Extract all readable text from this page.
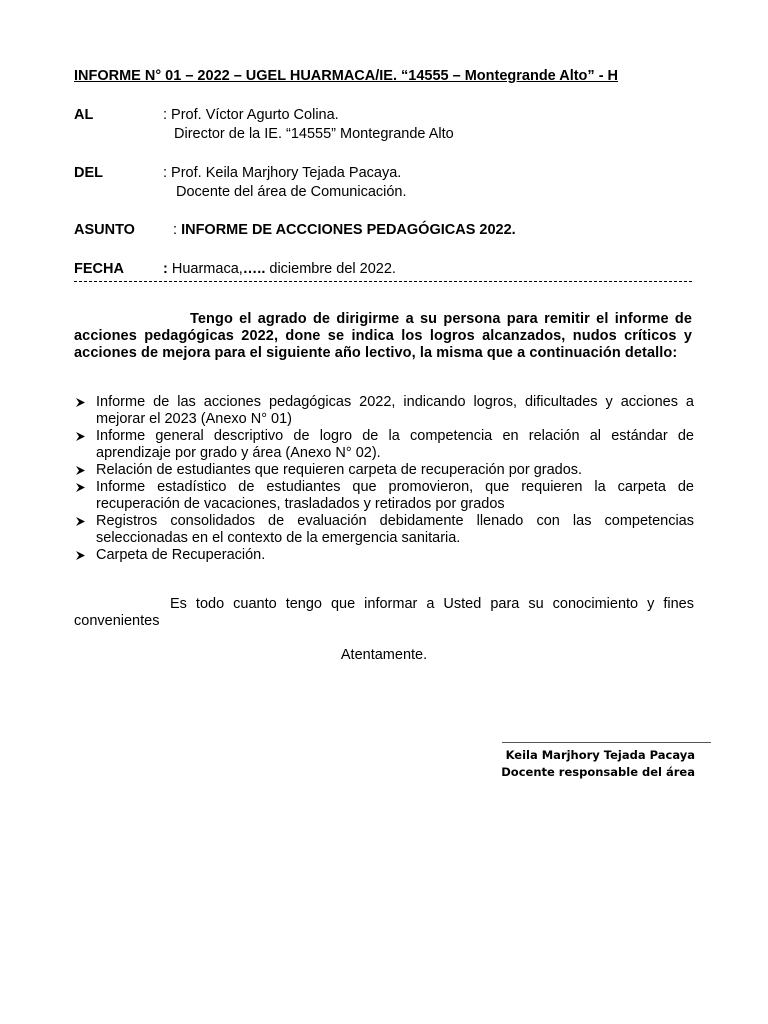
INFORME N° 01 – 2022 – UGEL HUARMACA/IE. “14555 – Montegrande Alto” - H
AL	: Prof. Víctor Agurto Colina.
Director de la IE. “14555” Montegrande Alto
DEL	: Prof. Keila Marjhory Tejada Pacaya.
Docente del área de Comunicación.
ASUNTO	: INFORME DE ACCCIONES PEDAGÓGICAS 2022.
FECHA	: Huarmaca,….. diciembre del 2022.
Tengo el agrado de dirigirme a su persona para remitir el informe de acciones pedagógicas 2022, done se indica los logros alcanzados, nudos críticos y acciones de mejora para el siguiente año lectivo, la misma que a continuación detallo:
Informe de las acciones pedagógicas 2022, indicando logros, dificultades y acciones a mejorar el 2023 (Anexo N° 01)
Informe general descriptivo de logro de la competencia en relación al estándar de aprendizaje por grado y área (Anexo N° 02).
Relación de estudiantes que requieren carpeta de recuperación por grados.
Informe estadístico de estudiantes que promovieron, que requieren la carpeta de recuperación de vacaciones, trasladados y retirados por grados
Registros consolidados de evaluación debidamente llenado con las competencias seleccionadas en el contexto de la emergencia sanitaria.
Carpeta de Recuperación.
Es todo cuanto tengo que informar a Usted para su conocimiento y fines convenientes
Atentamente.
Keila Marjhory Tejada Pacaya
Docente responsable del área
